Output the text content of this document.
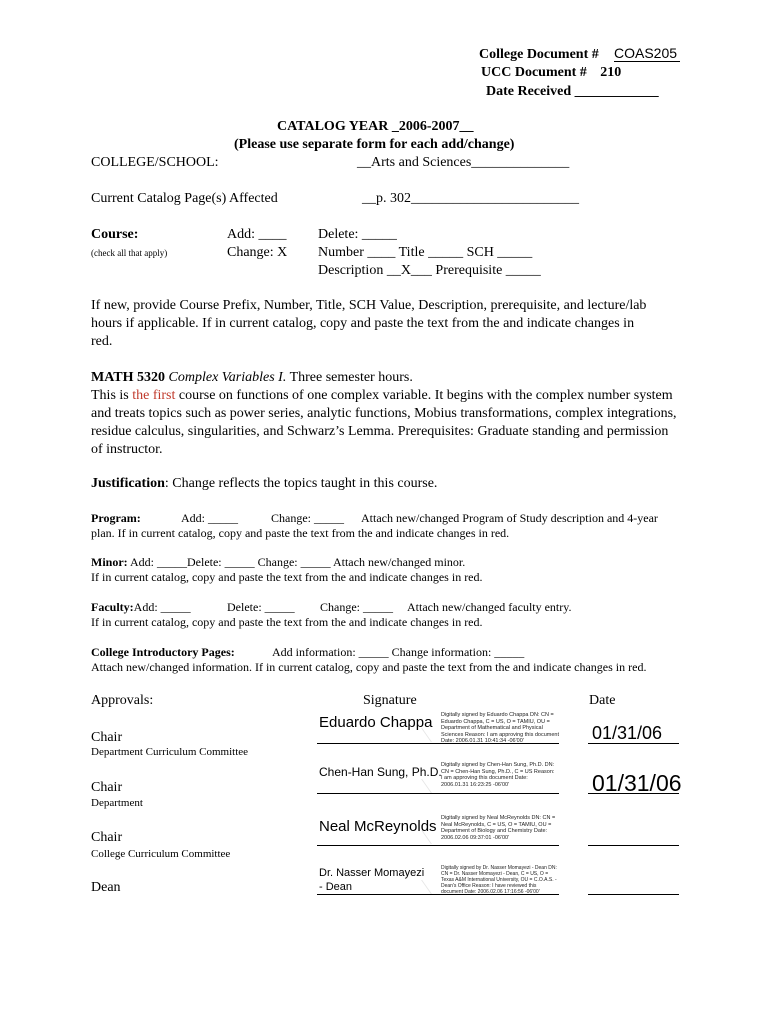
College Document # COAS205
UCC Document # 210
Date Received ____________
CATALOG YEAR _2006-2007__
(Please use separate form for each add/change)
COLLEGE/SCHOOL:	__Arts and Sciences______________
Current Catalog Page(s) Affected	__p. 302________________________
Course:
(check all that apply)
Add: ____
Change: X
Delete: _____
Number ____ Title _____ SCH _____
Description __X___ Prerequisite _____
If new, provide Course Prefix, Number, Title, SCH Value, Description, prerequisite, and lecture/lab hours if applicable. If in current catalog, copy and paste the text from the and indicate changes in red.
MATH 5320 Complex Variables I. Three semester hours.
This is the first course on functions of one complex variable. It begins with the complex number system and treats topics such as power series, analytic functions, Mobius transformations, complex integrations, residue calculus, singularities, and Schwarz’s Lemma. Prerequisites: Graduate standing and permission of instructor.
Justification: Change reflects the topics taught in this course.
Program:	Add: _____	Change: _____ Attach new/changed Program of Study description and 4-year
plan. If in current catalog, copy and paste the text from the and indicate changes in red.
Minor: Add: _____Delete: _____ Change: _____ Attach new/changed minor.
If in current catalog, copy and paste the text from the and indicate changes in red.
Faculty:Add: _____	Delete: _____ Change: _____ Attach new/changed faculty entry.
If in current catalog, copy and paste the text from the and indicate changes in red.
College Introductory Pages:	Add information: _____ Change information: _____
Attach new/changed information. If in current catalog, copy and paste the text from the and indicate changes in red.
Approvals:	Signature	Date
Chair
Department Curriculum Committee
Eduardo Chappa Digitally signed by Eduardo Chappa DN: CN = Eduardo Chappa, C = US, O = TAMIU, OU = Department of Mathematical and Physical Sciences Reason: I am approving this document Date: 2006.01.31 10:41:34 -06'00'	01/31/06
Chair
Department
Chen-Han Sung, Ph.D. Digitally signed by Chen-Han Sung, Ph.D. DN: CN = Chen-Han Sung, Ph.D., C = US Reason: I am approving this document Date: 2006.01.31 16:23:25 -06'00'	01/31/06
Chair
College Curriculum Committee
Neal McReynolds Digitally signed by Neal McReynolds DN: CN = Neal McReynolds, C = US, O = TAMIU, OU = Department of Biology and Chemistry Date: 2006.02.06 09:37:01 -06'00'
Dean
Dr. Nasser Momayezi - Dean
Digitally signed by Dr. Nasser Momayezi - Dean DN: CN = Dr. Nasser Momayezi - Dean, C = US, O = Texas A&M International University, OU = C.O.A.S. - Dean's Office Reason: I have reviewed this document Date: 2006.02.06 17:16:56 -06'00'
